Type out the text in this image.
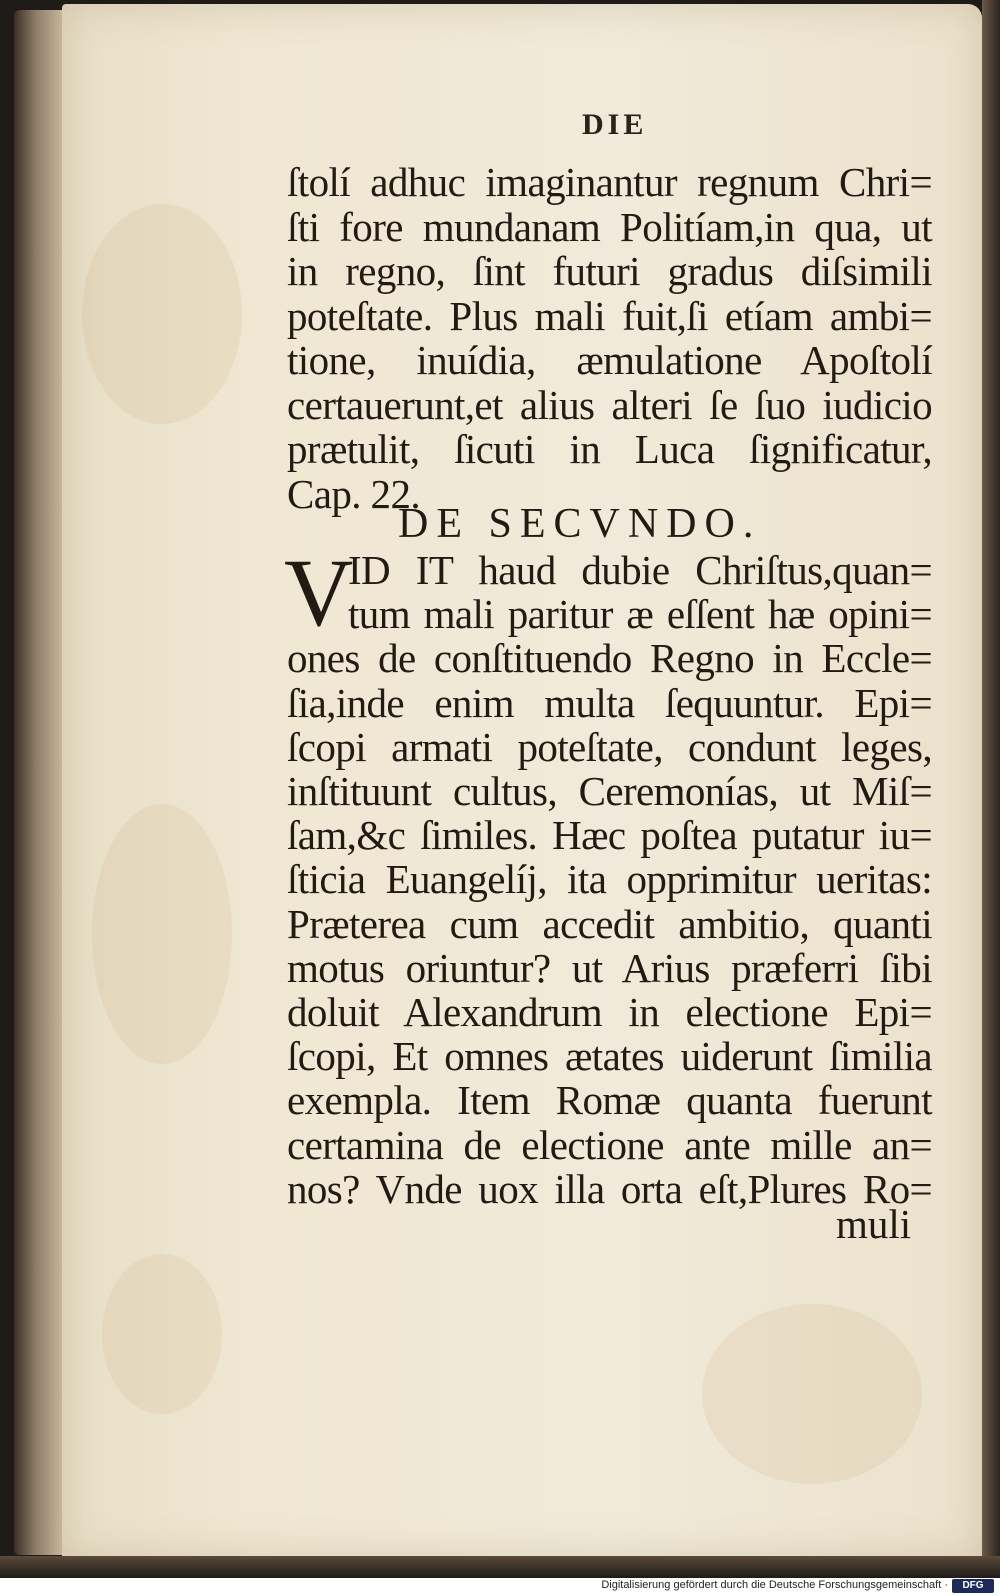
DIE
ſtolí adhuc imaginantur regnum Chri=
ſti fore mundanam Politíam,in qua, ut
in regno, ſint futuri gradus diſsimili
poteſtate. Plus mali fuit,ſi etíam ambi=
tione, inuídia, æmulatione Apoſtolí
certauerunt,et alius alteri ſe ſuo iudicio
prætulit, ſicuti in Luca ſignificatur,
Cap. 22.
DE SECVNDO.
V
ID IT haud dubie Chriſtus,quan=
tum mali paritur æ eſſent hæ opini=
ones de conſtituendo Regno in Eccle=
ſia,inde enim multa ſequuntur. Epi=
ſcopi armati poteſtate, condunt leges,
inſtituunt cultus, Ceremonías, ut Miſ=
ſam,&c ſimiles. Hæc poſtea putatur iu=
ſticia Euangelíj, ita opprimitur ueritas:
Præterea cum accedit ambitio, quanti
motus oriuntur? ut Arius præferri ſibi
doluit Alexandrum in electione Epi=
ſcopi, Et omnes ætates uiderunt ſimilia
exempla. Item Romæ quanta fuerunt
certamina de electione ante mille an=
nos? Vnde uox illa orta eſt,Plures Ro=
muli
Digitalisierung gefördert durch die Deutsche Forschungsgemeinschaft ·	DFG
